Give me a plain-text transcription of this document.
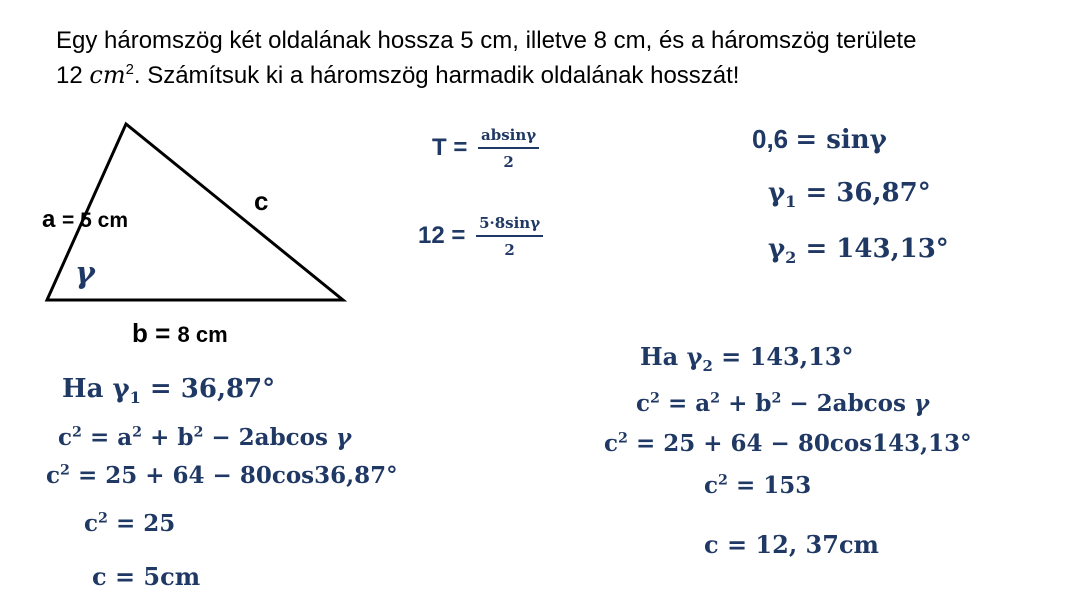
Egy háromszög két oldalának hossza 5 cm, illetve 8 cm, és a háromszög területe
12 $cm^2$. Számítsuk ki a háromszög harmadik oldalának hosszát!
a = 5 cm
c
γ
b = 8 cm
$T = \frac{absin\gamma}{2}$
$12 = \frac{5\cdot 8\sin\gamma}{2}$
0,6 = sinγ
$\gamma_1 = 36,87^\circ$
$\gamma_2 = 143,13^\circ$
Ha $\gamma_1 = 36,87^\circ$
$c^2 = a^2 + b^2 - 2abcos$ γ
$c^2 = 25 + 64 - 80\cos 36,87^\circ$
$c^2 = 25$
c = 5cm
Ha $\gamma_2 = 143,13^\circ$
$c^2 = a^2 + b^2 - 2abcos$ γ
$c^2 = 25 + 64 - 80\cos 143,13^\circ$
$c^2 = 153$
c = 12, 37cm
